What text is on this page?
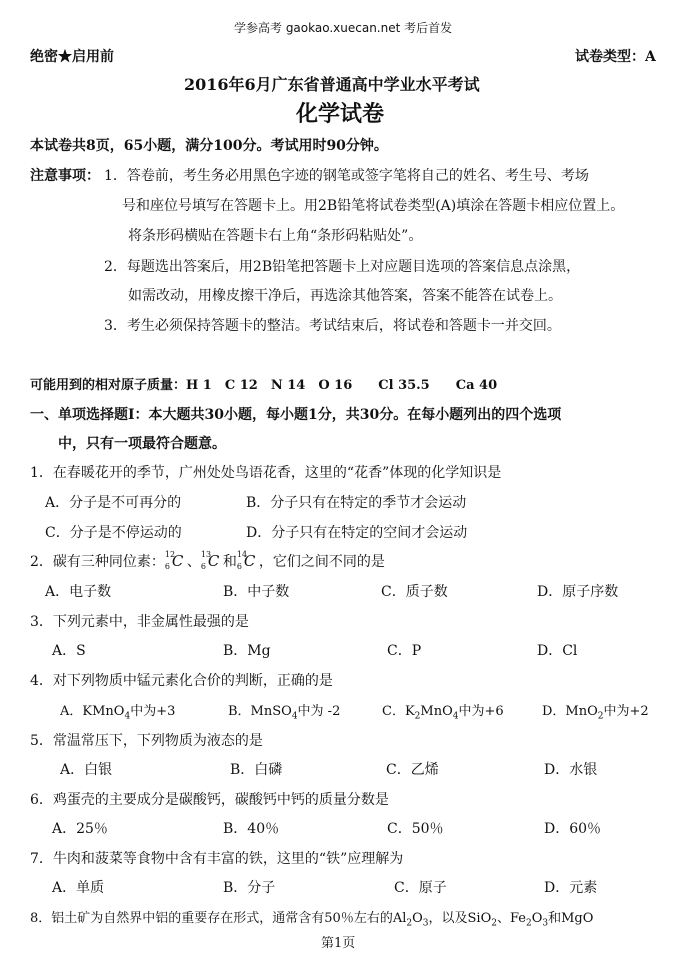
学参高考 gaokao.xuecan.net 考后首发
绝密★启用前	试卷类型：A
2016年6月广东省普通高中学业水平考试
化学试卷
本试卷共8页，65小题，满分100分。考试用时90分钟。
注意事项： 1．答卷前，考生务必用黑色字迹的钢笔或签字笔将自己的姓名、考生号、考场
号和座位号填写在答题卡上。用2B铅笔将试卷类型(A)填涂在答题卡相应位置上。
将条形码横贴在答题卡右上角“条形码粘贴处”。
2．每题选出答案后，用2B铅笔把答题卡上对应题目选项的答案信息点涂黑，
如需改动，用橡皮擦干净后，再选涂其他答案，答案不能答在试卷上。
3．考生必须保持答题卡的整洁。考试结束后，将试卷和答题卡一并交回。
可能用到的相对原子质量：H 1　C 12　N 14　O 16　　Cl 35.5　　Ca 40
一、单项选择题Ⅰ：本大题共30小题，每小题1分，共30分。在每小题列出的四个选项
中，只有一项最符合题意。
1．在春暖花开的季节，广州处处鸟语花香，这里的“花香”体现的化学知识是
A．分子是不可再分的	B．分子只有在特定的季节才会运动
C．分子是不停运动的	D．分子只有在特定的空间才会运动
2．碳有三种同位素： 12
6 C 、 13
6 C 和 14
6 C ，它们之间不同的是
A．电子数	B．中子数	C．质子数	D．原子序数
3．下列元素中，非金属性最强的是
A．S	B．Mg	C．P	D．Cl
4．对下列物质中锰元素化合价的判断，正确的是
A．KMnO$_4$中为+3	B．MnSO$_4$中为 -2	C．$K_2MnO_4$中为+6	D．MnO$_2$中为+2
5．常温常压下，下列物质为液态的是
A．白银	B．白磷	C．乙烯	D．水银
6．鸡蛋壳的主要成分是碳酸钙，碳酸钙中钙的质量分数是
A．25％	B．40％	C．50％	D．60％
7．牛肉和菠菜等食物中含有丰富的铁，这里的“铁”应理解为
A．单质	B．分子	C．原子	D．元素
8．铝土矿为自然界中铝的重要存在形式，通常含有50％左右的$Al_2O_3$，以及SiO$_2$、$Fe_2O_3$和MgO
第1页
